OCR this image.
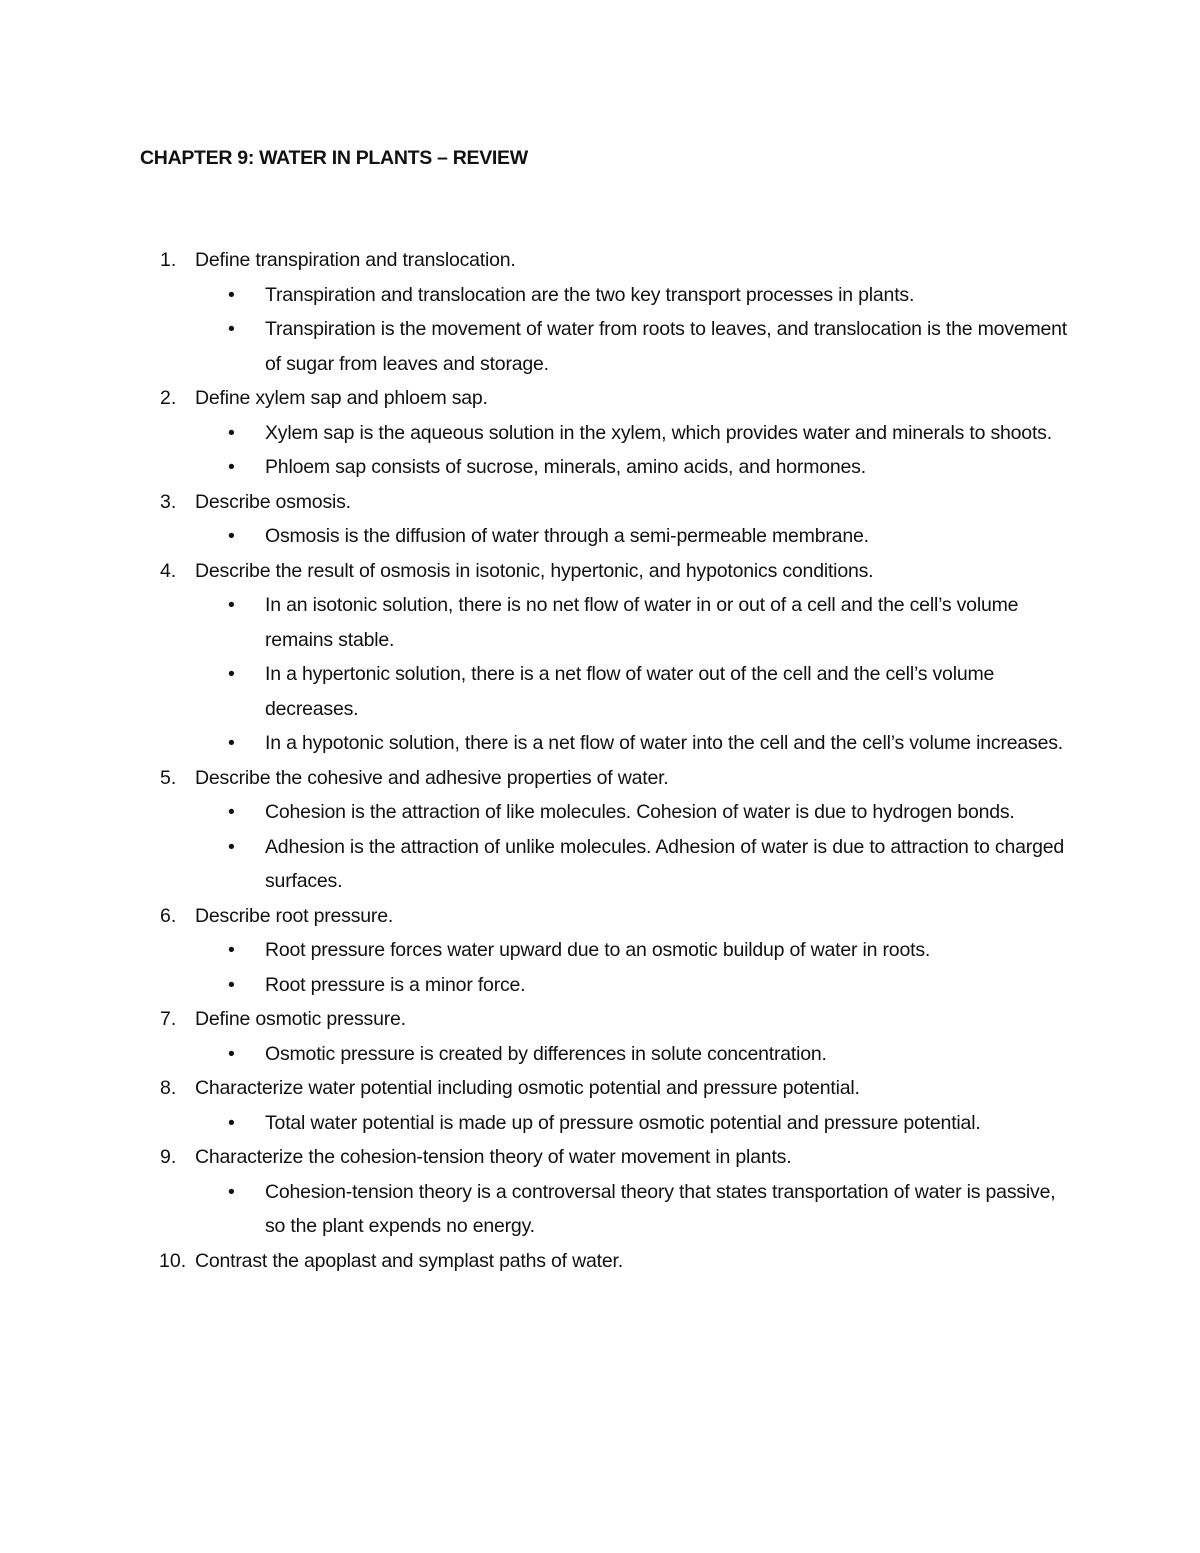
CHAPTER 9: WATER IN PLANTS – REVIEW
1. Define transpiration and translocation.
• Transpiration and translocation are the two key transport processes in plants.
• Transpiration is the movement of water from roots to leaves, and translocation is the movement of sugar from leaves and storage.
2. Define xylem sap and phloem sap.
• Xylem sap is the aqueous solution in the xylem, which provides water and minerals to shoots.
• Phloem sap consists of sucrose, minerals, amino acids, and hormones.
3. Describe osmosis.
• Osmosis is the diffusion of water through a semi-permeable membrane.
4. Describe the result of osmosis in isotonic, hypertonic, and hypotonics conditions.
• In an isotonic solution, there is no net flow of water in or out of a cell and the cell’s volume remains stable.
• In a hypertonic solution, there is a net flow of water out of the cell and the cell’s volume decreases.
• In a hypotonic solution, there is a net flow of water into the cell and the cell’s volume increases.
5. Describe the cohesive and adhesive properties of water.
• Cohesion is the attraction of like molecules. Cohesion of water is due to hydrogen bonds.
• Adhesion is the attraction of unlike molecules. Adhesion of water is due to attraction to charged surfaces.
6. Describe root pressure.
• Root pressure forces water upward due to an osmotic buildup of water in roots.
• Root pressure is a minor force.
7. Define osmotic pressure.
• Osmotic pressure is created by differences in solute concentration.
8. Characterize water potential including osmotic potential and pressure potential.
• Total water potential is made up of pressure osmotic potential and pressure potential.
9. Characterize the cohesion-tension theory of water movement in plants.
• Cohesion-tension theory is a controversal theory that states transportation of water is passive, so the plant expends no energy.
10. Contrast the apoplast and symplast paths of water.
